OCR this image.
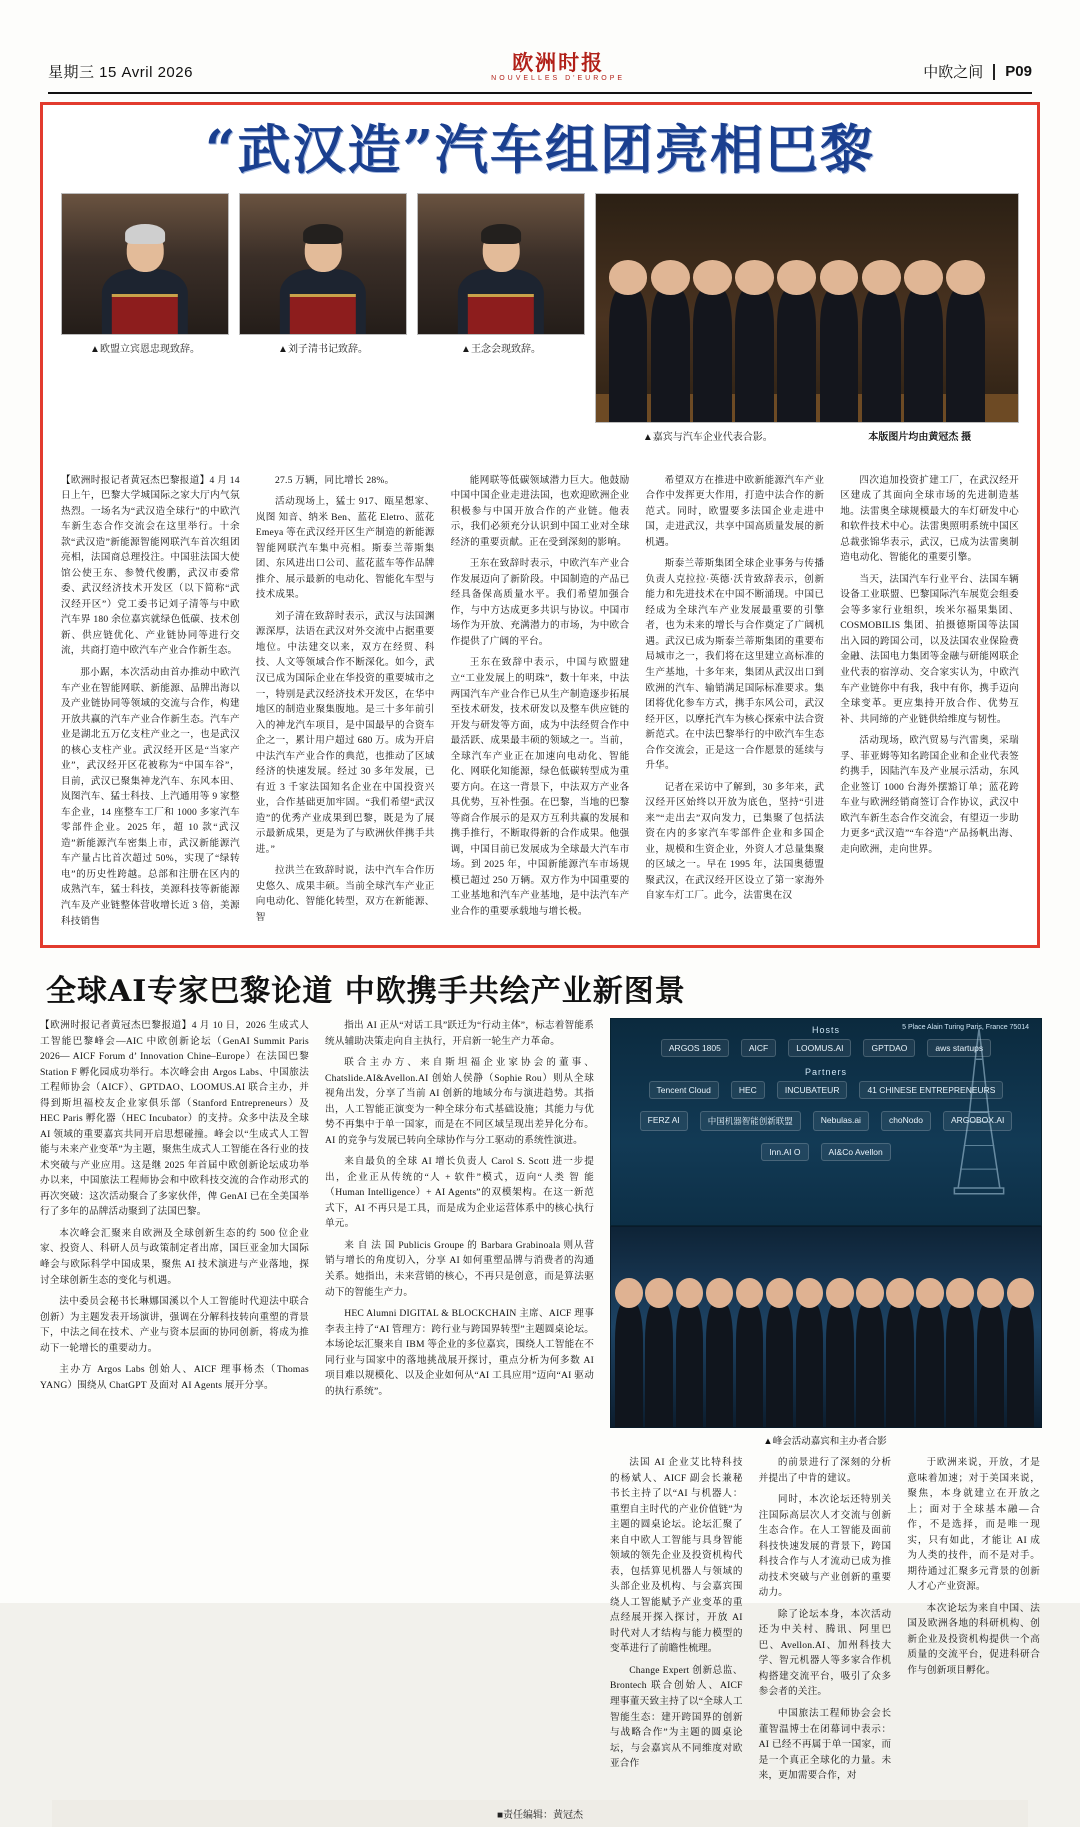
星期三 15 Avril 2026	欧洲时报
NOUVELLES D'EUROPE	中欧之间 P09
“武汉造”汽车组团亮相巴黎
▲欧盟立宾恩忠现致辞。	▲刘子清书记致辞。	▲王念会现致辞。
▲嘉宾与汽车企业代表合影。	本版图片均由黄冠杰 摄

【欧洲时报记者黄冠杰巴黎报道】4 月 14 日上午，巴黎大学城国际之家大厅内气氛热烈。一场名为“武汉造全球行”的中欧汽车新生态合作交流会在这里举行。十余款“武汉造”新能源智能网联汽车首次组团亮相，法国商总理投注。中国驻法国大使馆公使王东、参赞代俊鹏，武汉市委常委、武汉经济技术开发区（以下简称“武汉经开区”）党工委书记刘子清等与中欧汽车界 180 余位嘉宾就绿色低碳、技术创新、供应链优化、产业链协同等进行交流，共商打造中欧汽车产业合作新生态。

那小踞，本次活动由首办推动中欧汽车产业在智能网联、新能源、品牌出海以及产业链协同等领域的交流与合作，构建开放共赢的汽车产业合作新生态。汽车产业是湖北五万亿支柱产业之一，也是武汉的核心支柱产业。武汉经开区是“当家产业”，武汉经开区花被称为“中国车谷”，目前，武汉已聚集神龙汽车、东风本田、岚图汽车、猛士科技、上汽通用等 9 家整车企业，14 座整车工厂和 1000 多家汽车零部件企业。2025 年，超 10 款“武汉造”新能源汽车密集上市，武汉新能源汽车产量占比首次超过 50%，实现了“绿转电”的历史性跨越。总部和注册在区内的成熟汽车，猛士科技，美源科技等新能源汽车及产业链整体营收增长近 3 倍，美源科技销售

27.5 万辆，同比增长 28%。

活动现场上，猛士 917、瓯星想家、岚图 知音、纳米 Ben、蓝花 Eletro、蓝花 Emeya 等在武汉经开区生产制造的新能源智能网联汽车集中亮相。斯泰兰蒂斯集团、东风进出口公司、蓝花蓝车等作品牌推介、展示最新的电动化、智能化车型与技术成果。

刘子清在致辞时表示，武汉与法国渊源深厚，法语在武汉对外交流中占据重要地位。中法建交以来，双方在经贸、科技、人文等领域合作不断深化。如今，武汉已成为国际企业在华投资的重要城市之一，特别是武汉经济技术开发区，在华中地区的制造业聚集腹地。是三十多年前引入的神龙汽车项目，是中国最早的合资车企之一，累计用户超过 680 万。成为开启中法汽车产业合作的典范，也推动了区域经济的快速发展。经过 30 多年发展，已有近 3 千家法国知名企业在中国投资兴业，合作基础更加牢固。“我们希望“武汉造”的优秀产业成果到巴黎，既是为了展示最新成果，更是为了与欧洲伙伴携手共进。”

拉洪兰在致辞时说，法中汽车合作历史悠久、成果丰硕。当前全球汽车产业正向电动化、智能化转型，双方在新能源、智

能网联等低碳领域潜力巨大。他鼓励中国中国企业走进法国，也欢迎欧洲企业积极参与中国开放合作的产业链。他表示，我们必须充分认识到中国工业对全球经济的重要贡献。正在受到深刻的影响。

王东在致辞时表示，中欧汽车产业合作发展迈向了新阶段。中国制造的产品已经具备保高质量水平。我们希望加强合作，与中方达成更多共识与协议。中国市场作为开放、充满潜力的市场，为中欧合作提供了广阔的平台。

王东在致辞中表示，中国与欧盟建立“工业发展上的明珠”，数十年来，中法两国汽车产业合作已从生产制造逐步拓展至技术研发，技术研发以及整车供应链的开发与研发等方面，成为中法经贸合作中最活跃、成果最丰硕的领域之一。当前，全球汽车产业正在加速向电动化、智能化、网联化知能源，绿色低碳转型成为重要方向。在这一背景下，中法双方产业各具优势，互补性强。在巴黎，当地的巴黎等商合作展示的是双方互利共赢的发展和携手推行，不断取得新的合作成果。他强调，中国目前已发展成为全球最大汽车市场。到 2025 年，中国新能源汽车市场规模已超过 250 万辆。双方作为中国重要的工业基地和汽车产业基地，是中法汽车产业合作的重要承载地与增长极。

希望双方在推进中欧新能源汽车产业合作中发挥更大作用，打造中法合作的新范式。同时，欧盟要多法国企业走进中国，走进武汉，共享中国高质量发展的新机遇。

斯泰兰蒂斯集团全球企业事务与传播负责人克拉拉·英德·沃肯致辞表示，创新能力和先进技术在中国不断涌现。中国已经成为全球汽车产业发展最重要的引擎者，也为未来的增长与合作奠定了广阔机遇。武汉已成为斯泰兰蒂斯集团的重要布局城市之一，我们将在这里建立高标准的生产基地，十多年来，集团从武汉出口到欧洲的汽车、输销满足国际标准要求。集团将优化参车方式，携手东风公司，武汉经开区，以摩托汽车为核心探索中法合资新范式。在中法巴黎举行的中欧汽车生态合作交流会，正是这一合作愿景的延续与升华。

记者在采访中了解到，30 多年来，武汉经开区始终以开放为底色，坚持“引进来”“走出去”双向发力，已集聚了包括法资在内的多家汽车零部件企业和多国企业，规模和生资企业，外资人才总量集聚的区域之一。早在 1995 年，法国奥德盟聚武汉，在武汉经开区设立了第一家海外自家车灯工厂。此今，法雷奥在汉

四次追加投资扩建工厂，在武汉经开区建成了其面向全球市场的先进制造基地。法雷奥全球规模最大的车灯研发中心和软件技术中心。法雷奥照明系统中国区总裁张锦华表示，武汉，已成为法雷奥制造电动化、智能化的重要引擎。

当天，法国汽车行业平台、法国车辆设备工业联盟、巴黎国际汽车展览会组委会等多家行业组织，埃米尔福果集团、COSMOBILIS 集团、拍摄德斯国等法国出入园的跨国公司，以及法国农业保险费金融、法国电力集团等金融与研能网联企业代表的宿淳动、交合家实认为，中欧汽车产业链你中有我，我中有你，携手迈向全球变革。更应集持开放合作、优势互补、共同缔的产业链供给维度与韧性。

活动现场，欧汽贸易与汽雷奥，采瑞孚、菲亚姆等知名跨国企业和企业代表签约携手，因陆汽车及产业展示活动，东风企业签订 1000 台海外摆豁订单；蓝花跨车业与欧洲经销商签订合作协议，武汉中欧汽车新生态合作交流会，有望迈一步助力更多“武汉造”“车谷造”产品扬帆出海、走向欧洲，走向世界。

全球AI专家巴黎论道 中欧携手共绘产业新图景

【欧洲时报记者黄冠杰巴黎报道】4 月 10 日，2026 生成式人工智能巴黎峰会—AIC 中欧创新论坛（GenAI Summit Paris 2026— AICF Forum d’ Innovation Chine–Europe）在法国巴黎 Station F 孵化园成功举行。本次峰会由 Argos Labs、中国旅法工程师协会（AICF）、GPTDAO、LOOMUS.AI 联合主办，并得到斯坦福校友企业家俱乐部（Stanford Entrepreneurs）及 HEC Paris 孵化器（HEC Incubator）的支持。众多中法及全球 AI 领域的重要嘉宾共同开启思想碰撞。峰会以“生成式人工智能与未来产业变革”为主题，聚焦生成式人工智能在各行业的技术突破与产业应用。这是继 2025 年首届中欧创新论坛成功举办以来，中国旅法工程师协会和中欧科技交流的合作动形式的再次突破：这次活动聚合了多家伙伴，俾 GenAI 已在全美国举行了多年的品牌活动聚到了法国巴黎。

本次峰会汇聚来自欧洲及全球创新生态的约 500 位企业家、投资人、科研人员与政策制定者出席，国巨亚金加大国际峰会与欧际科学中国成果，聚焦 AI 技术演进与产业落地，探讨全球创新生态的变化与机遇。

法中委员会秘书长琳娜国溪以个人工智能时代迎法中联合创新）为主题发表开场演讲，强调在分解科技转向重塑的背景下，中法之间在技术、产业与资本层面的协同创新，将成为推动下一轮增长的重要动力。

主办方 Argos Labs 创始人、AICF 理事杨杰（Thomas YANG）围绕从 ChatGPT 及面对 AI Agents 展开分享。

指出 AI 正从“对话工具”跃迁为“行动主体”，标志着智能系统从辅助决策走向自主执行，开启新一轮生产力革命。

联合主办方、来自斯坦福企业家协会的董事、Chatslide.AI&Avellon.AI 创始人侯静（Sophie Rou）则从全球视角出发，分享了当前 AI 创新的地域分布与演进趋势。其指出，人工智能正演变为一种全球分布式基础设施；其能力与优势不再集中于单一国家，而是在不同区域呈现出差异化分布。AI 的竞争与发展已转向全球协作与分工驱动的系统性演进。

来自最负的全球 AI 增长负责人 Carol S. Scott 进一步提出，企业正从传统的“人 + 软件”模式，迈向“人类 智 能（Human Intelligence）+ AI Agents”的双模架构。在这一新范式下，AI 不再只是工具，而是成为企业运营体系中的核心执行单元。

来 自 法 国 Publicis Groupe 的 Barbara Grabinoala 则从营销与增长的角度切入，分享 AI 如何重塑品牌与消费者的沟通关系。她指出，未来营销的核心，不再只是创意，而是算法驱动下的智能生产力。

HEC Alumni DIGITAL & BLOCKCHAIN 主席、AICF 理事李表主持了“AI 管理方：跨行业与跨国界转型”主题圆桌论坛。本场论坛汇聚来自 IBM 等企业的多位嘉宾，围绕人工智能在不同行业与国家中的落地挑战展开探讨，重点分析为何多数 AI 项目难以规模化、以及企业如何从“AI 工具应用”迈向“AI 驱动的执行系统”。

5 Place Alain Turing Paris, France 75014
Hosts
ARGOS 1805	AICF	LOOMUS.AI	GPTDAO	aws startups
Partners
Tencent Cloud	HEC	INCUBATEUR	41 CHINESE ENTREPRENEURS
FERZ AI	中国机器智能创新联盟	Nebulas.ai	choNodo	ARGOBOX.AI
Inn.AI O	AI&Co Avellon
▲峰会活动嘉宾和主办者合影

法国 AI 企业艾比特科技的杨斌人、AICF 副会长兼秘书长主持了以“AI 与机器人：重塑自主时代的产业价值链”为主题的圆桌论坛。论坛汇聚了来自中欧人工智能与具身智能领域的领先企业及投资机构代表，包括算见机器人与领域的头部企业及机构、与会嘉宾围绕人工智能赋予产业变革的重点经展开探入探讨，开放 AI 时代对人才结构与能力模型的变革进行了前瞻性梳理。

Change Expert 创新总监、Brontech 联合创始人、AICF 理事董天致主持了以“全球人工智能生态：建开跨国界的创新与战略合作”为主题的圆桌论坛，与会嘉宾从不同维度对欧亚合作

的前景进行了深刻的分析并提出了中肯的建议。

同时，本次论坛还特别关注国际高层次人才交流与创新生态合作。在人工智能及面前科技快速发展的背景下，跨国科技合作与人才流动已成为推动技术突破与产业创新的重要动力。

除了论坛本身，本次活动还为中关村、腾讯、阿里巴巴、Avellon.AI、加州科技大学、智元机器人等多家合作机构搭建交流平台，吸引了众多参会者的关注。

中国旅法工程师协会会长董智温博士在闭幕词中表示：AI 已经不再属于单一国家，而是一个真正全球化的力量。未来，更加需要合作，对

于欧洲来说，开放，才是意味着加速；对于美国来说，聚焦，本身就建立在开放之上；面对于全球基本融—合作，不是选择，而是唯一现实，只有如此，才能让 AI 成为人类的技件，而不是对手。期待通过汇聚多元背景的创新人才心产业资源。

本次论坛为来自中国、法国及欧洲各地的科研机构、创新企业及投资机构提供一个高质量的交流平台，促进科研合作与创新项目孵化。

■责任编辑：黄冠杰
